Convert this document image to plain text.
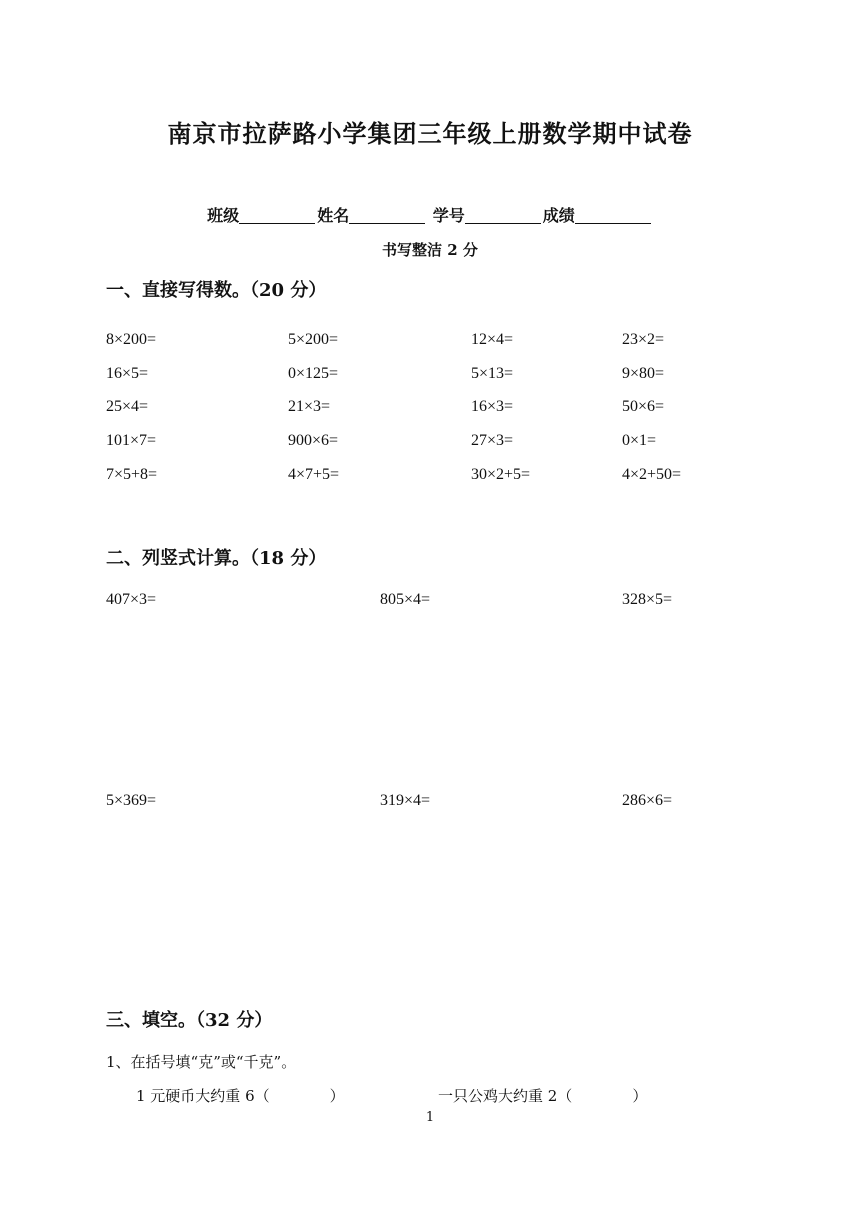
南京市拉萨路小学集团三年级上册数学期中试卷
班级	姓名	学号	成绩
书写整洁 2 分
一、直接写得数。（20 分）
8×200=	5×200=	12×4=	23×2=
16×5=	0×125=	5×13=	9×80=
25×4=	21×3=	16×3=	50×6=
101×7=	900×6=	27×3=	0×1=
7×5+8=	4×7+5=	30×2+5=	4×2+50=
二、列竖式计算。（18 分）
407×3=	805×4=	328×5=
5×369=	319×4=	286×6=
三、填空。（32 分）
1、在括号填“克”或“千克”。
1 元硬币大约重 6（　　　　）	一只公鸡大约重 2（　　　　）
1
